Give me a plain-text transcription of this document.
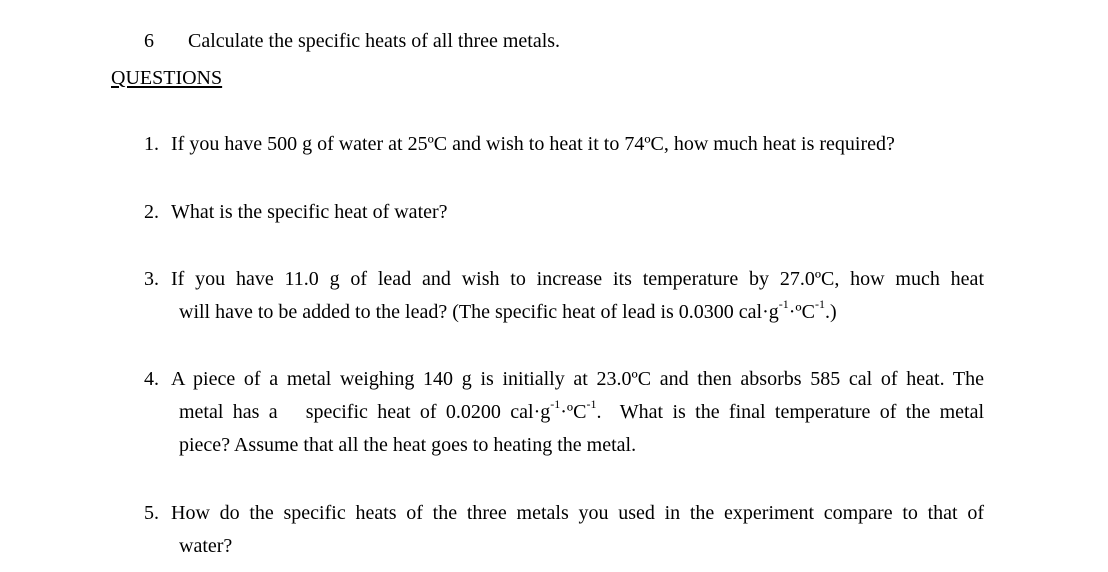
6 Calculate the specific heats of all three metals.
QUESTIONS
1. If you have 500 g of water at 25ºC and wish to heat it to 74ºC, how much heat is required?
2. What is the specific heat of water?
3. If you have 11.0 g of lead and wish to increase its temperature by 27.0ºC, how much heat
will have to be added to the lead? (The specific heat of lead is 0.0300 $cal\cdot g^{-1}\cdot ºC^{-1}$.)
4. A piece of a metal weighing 140 g is initially at 23.0ºC and then absorbs 585 cal of heat. The
metal has a   specific heat of 0.0200 $cal\cdot g^{-1}\cdot ºC^{-1}$.  What is the final temperature of the metal
piece? Assume that all the heat goes to heating the metal.
5. How do the specific heats of the three metals you used in the experiment compare to that of
water?
